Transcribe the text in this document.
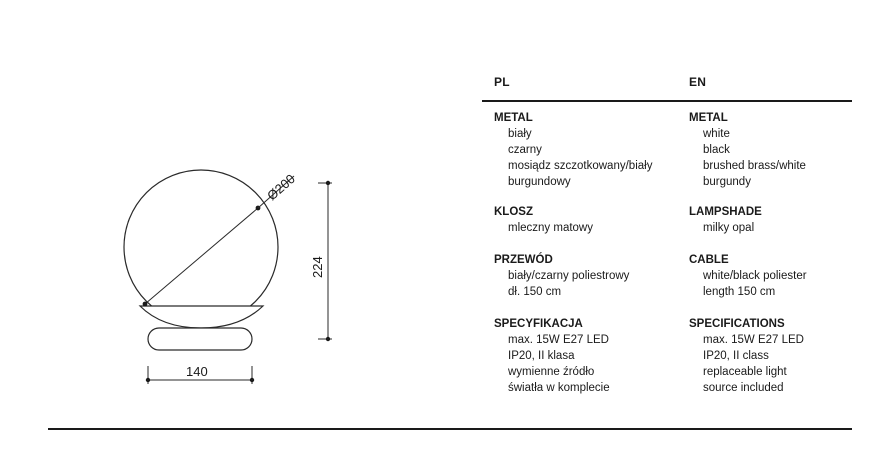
Ø200
224
140
PL
METAL
biały
czarny
mosiądz szczotkowany/biały
burgundowy
KLOSZ
mleczny matowy
PRZEWÓD
biały/czarny poliestrowy
dł. 150 cm
SPECYFIKACJA
max. 15W E27 LED
IP20, II klasa
wymienne źródło
światła w komplecie
EN
METAL
white
black
brushed brass/white
burgundy
LAMPSHADE
milky opal
CABLE
white/black poliester
length 150 cm
SPECIFICATIONS
max. 15W E27 LED
IP20, II class
replaceable light
source included
